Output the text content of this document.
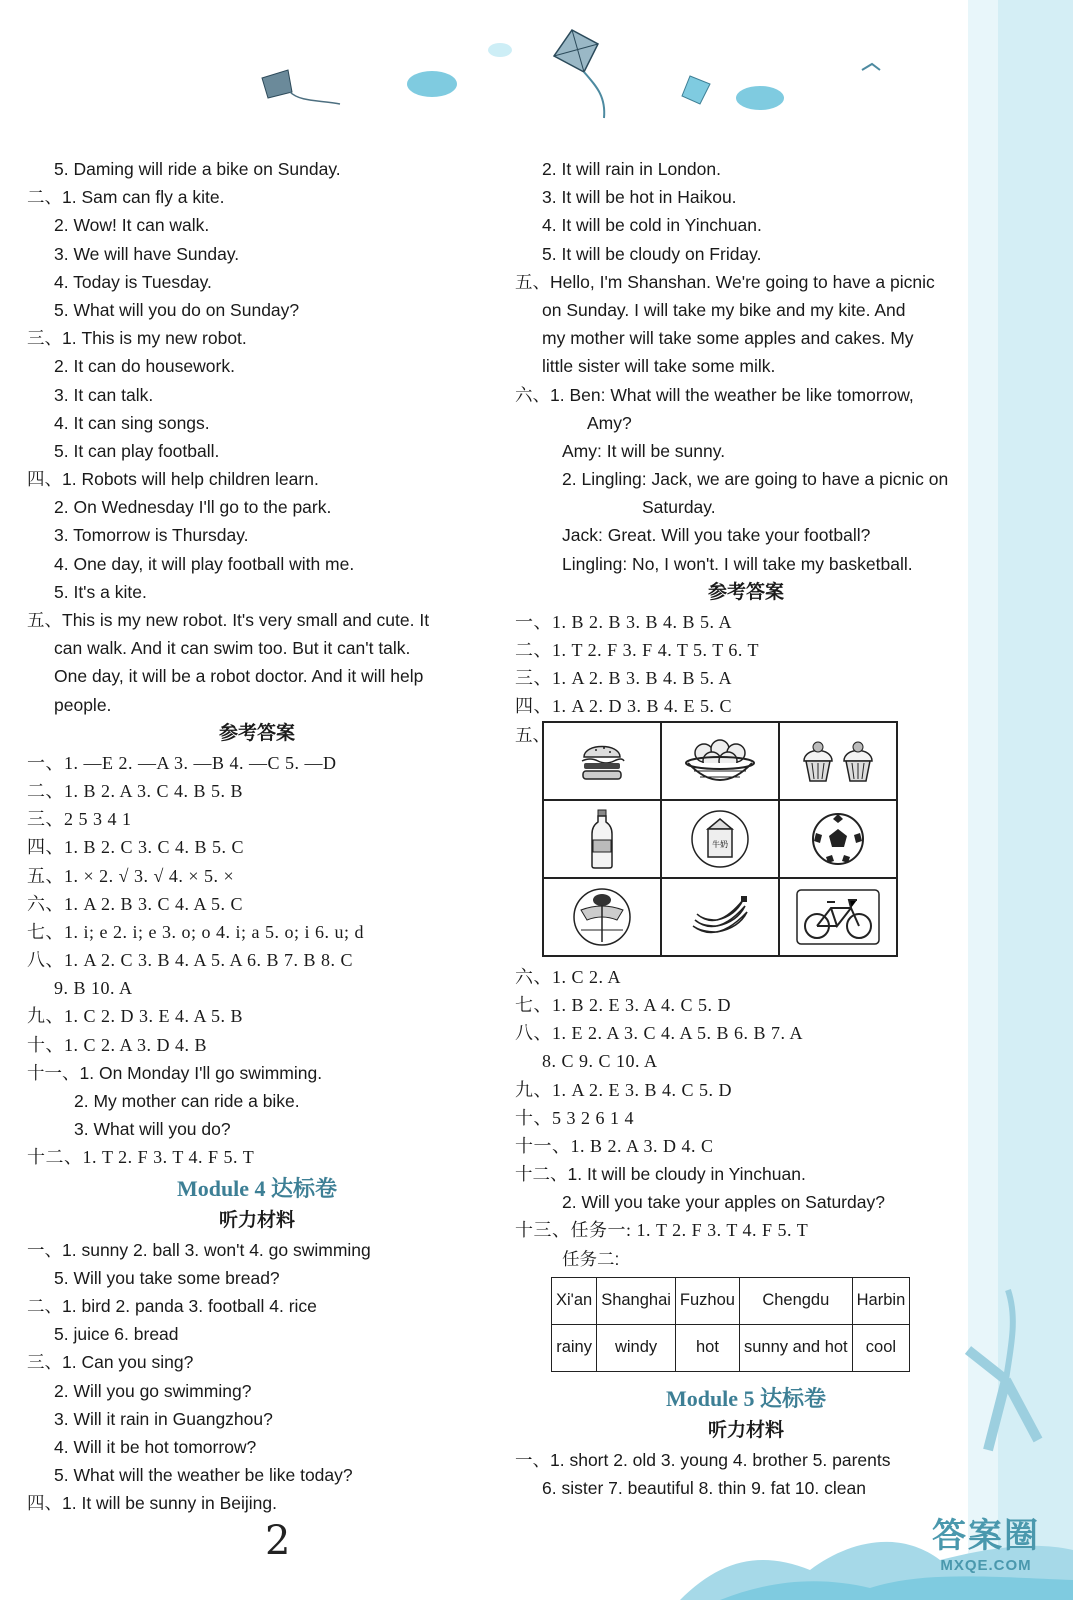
5. Daming will ride a bike on Sunday.
二、1. Sam can fly a kite.
2. Wow! It can walk.
3. We will have Sunday.
4. Today is Tuesday.
5. What will you do on Sunday?
三、1. This is my new robot.
2. It can do housework.
3. It can talk.
4. It can sing songs.
5. It can play football.
四、1. Robots will help children learn.
2. On Wednesday I'll go to the park.
3. Tomorrow is Thursday.
4. One day, it will play football with me.
5. It's a kite.
五、This is my new robot. It's very small and cute. It
can walk. And it can swim too. But it can't talk.
One day, it will be a robot doctor. And it will help
people.
参考答案
一、1. —E 2. —A 3. —B 4. —C 5. —D
二、1. B 2. A 3. C 4. B 5. B
三、2 5 3 4 1
四、1. B 2. C 3. C 4. B 5. C
五、1. × 2. √ 3. √ 4. × 5. ×
六、1. A 2. B 3. C 4. A 5. C
七、1. i; e 2. i; e 3. o; o 4. i; a 5. o; i 6. u; d
八、1. A 2. C 3. B 4. A 5. A 6. B 7. B 8. C
9. B 10. A
九、1. C 2. D 3. E 4. A 5. B
十、1. C 2. A 3. D 4. B
十一、1. On Monday I'll go swimming.
2. My mother can ride a bike.
3. What will you do?
十二、1. T 2. F 3. T 4. F 5. T
Module 4 达标卷
听力材料
一、1. sunny 2. ball 3. won't 4. go swimming
5. Will you take some bread?
二、1. bird 2. panda 3. football 4. rice
5. juice 6. bread
三、1. Can you sing?
2. Will you go swimming?
3. Will it rain in Guangzhou?
4. Will it be hot tomorrow?
5. What will the weather be like today?
四、1. It will be sunny in Beijing.
2. It will rain in London.
3. It will be hot in Haikou.
4. It will be cold in Yinchuan.
5. It will be cloudy on Friday.
五、Hello, I'm Shanshan. We're going to have a picnic
on Sunday. I will take my bike and my kite. And
my mother will take some apples and cakes. My
little sister will take some milk.
六、1. Ben: What will the weather be like tomorrow,
Amy?
Amy: It will be sunny.
2. Lingling: Jack, we are going to have a picnic on
Saturday.
Jack: Great. Will you take your football?
Lingling: No, I won't. I will take my basketball.
参考答案
一、1. B 2. B 3. B 4. B 5. A
二、1. T 2. F 3. F 4. T 5. T 6. T
三、1. A 2. B 3. B 4. B 5. A
四、1. A 2. D 3. B 4. E 5. C
五、

牛奶

六、1. C 2. A
七、1. B 2. E 3. A 4. C 5. D
八、1. E 2. A 3. C 4. A 5. B 6. B 7. A
8. C 9. C 10. A
九、1. A 2. E 3. B 4. C 5. D
十、5 3 2 6 1 4
十一、1. B 2. A 3. D 4. C
十二、1. It will be cloudy in Yinchuan.
2. Will you take your apples on Saturday?
十三、任务一: 1. T 2. F 3. T 4. F 5. T
任务二:
Xi'an	Shanghai	Fuzhou	Chengdu	Harbin
rainy	windy	hot	sunny and hot	cool
Module 5 达标卷
听力材料
一、1. short 2. old 3. young 4. brother 5. parents
6. sister 7. beautiful 8. thin 9. fat 10. clean
2	答案圈
MXQE.COM
